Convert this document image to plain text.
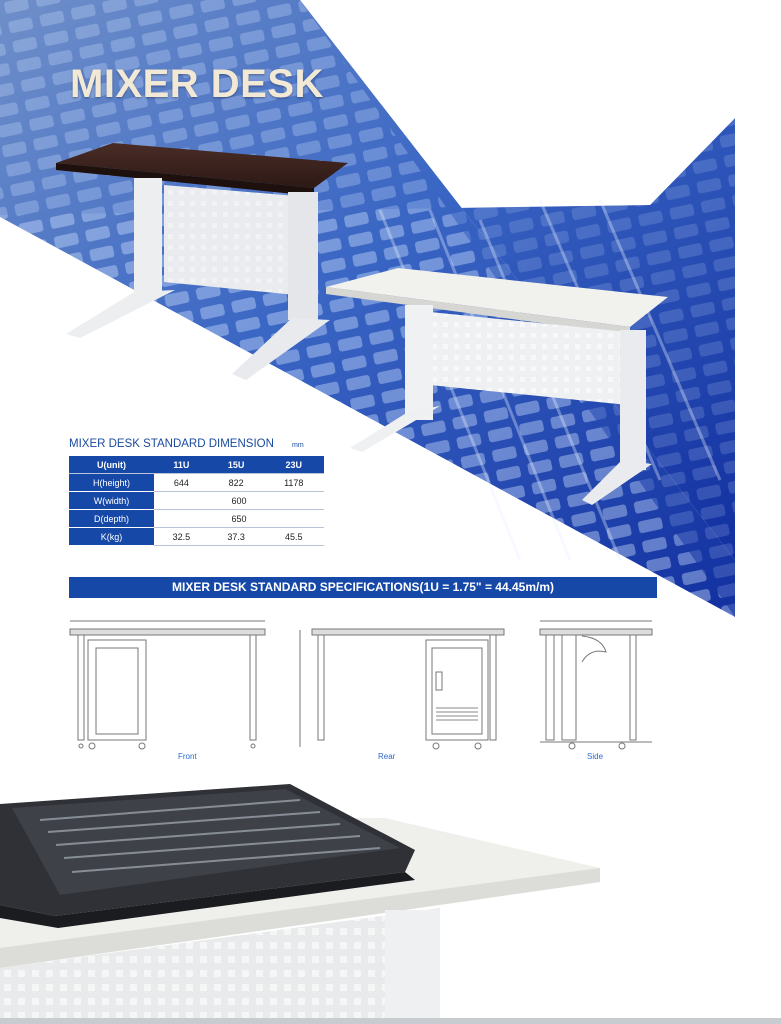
MIXER DESK
MIXER DESK STANDARD DIMENSION	mm
U(unit)	11U	15U	23U
H(height)	644	822	1178
W(width)	600		
D(depth)	650		
K(kg)	32.5	37.3	45.5
MIXER DESK STANDARD SPECIFICATIONS(1U = 1.75" = 44.45m/m)
Front	Rear	Side
